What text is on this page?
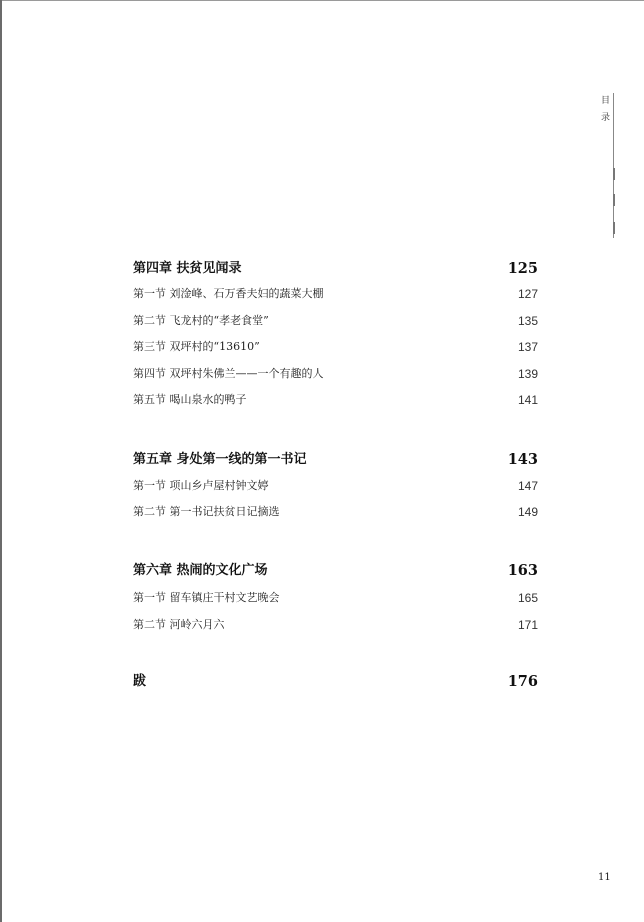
目录
第四章 扶贫见闻录	125
第一节 刘淦峰、石万香夫妇的蔬菜大棚	127
第二节 飞龙村的“孝老食堂”	135
第三节 双坪村的“13610”	137
第四节 双坪村朱佛兰——一个有趣的人	139
第五节 喝山泉水的鸭子	141
第五章 身处第一线的第一书记	143
第一节 项山乡卢屋村钟文婷	147
第二节 第一书记扶贫日记摘选	149
第六章 热闹的文化广场	163
第一节 留车镇庄干村文艺晚会	165
第二节 河岭六月六	171
跋	176
11
